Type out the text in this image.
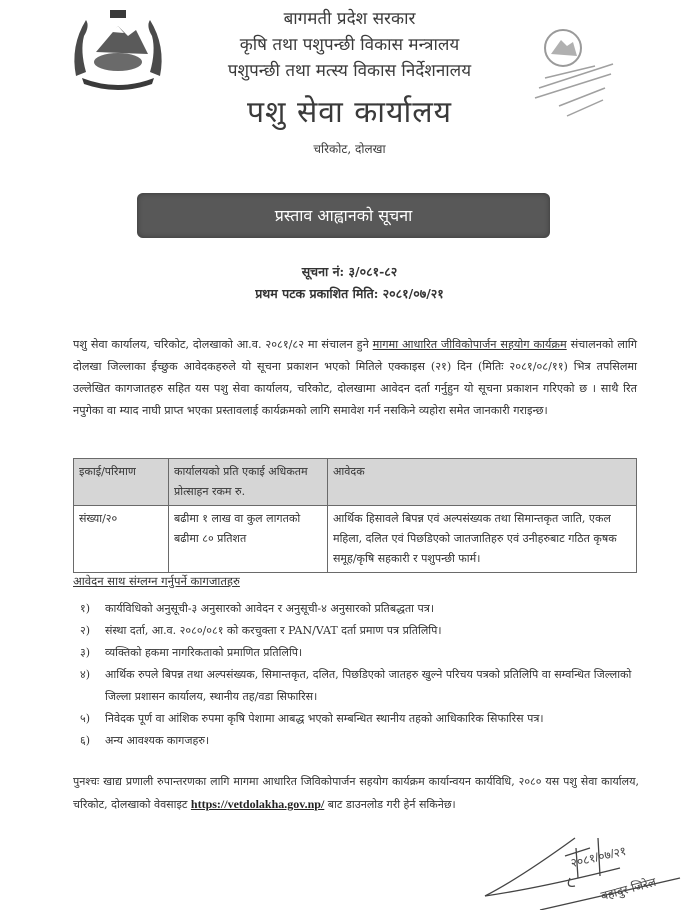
बागमती प्रदेश सरकार
कृषि तथा पशुपन्छी विकास मन्त्रालय
पशुपन्छी तथा मत्स्य विकास निर्देशनालय
पशु सेवा कार्यालय
चरिकोट, दोलखा
प्रस्ताव आह्वानको सूचना
सूचना नं: ३/०८१-८२
प्रथम पटक प्रकाशित मिति: २०८१/०७/२१
पशु सेवा कार्यालय, चरिकोट, दोलखाको आ.व. २०८१/८२ मा संचालन हुने मागमा आधारित जीविकोपार्जन सहयोग कार्यक्रम संचालनको लागि दोलखा जिल्लाका ईच्छुक आवेदकहरुले यो सूचना प्रकाशन भएको मितिले एक्काइस (२१) दिन (मितिः २०८१/०८/११) भित्र तपसिलमा उल्लेखित कागजातहरु सहित यस पशु सेवा कार्यालय, चरिकोट, दोलखामा आवेदन दर्ता गर्नुहुन यो सूचना प्रकाशन गरिएको छ । साथै रित नपुगेका वा म्याद नाघी प्राप्त भएका प्रस्तावलाई कार्यक्रमको लागि समावेश गर्न नसकिने व्यहोरा समेत जानकारी गराइन्छ।
इकाई/परिमाण	कार्यालयको प्रति एकाई अधिकतम प्रोत्साहन रकम रु.	आवेदक
संख्या/२०	बढीमा १ लाख वा कुल लागतको बढीमा ८० प्रतिशत	आर्थिक हिसावले बिपन्न एवं अल्पसंख्यक तथा सिमान्तकृत जाति, एकल महिला, दलित एवं पिछडिएको जातजातिहरु एवं उनीहरुबाट गठित कृषक समूह/कृषि सहकारी र पशुपन्छी फार्म।
आवेदन साथ संग्लग्न गर्नुपर्ने कागजातहरु
१)	कार्यविधिको अनुसूची-३ अनुसारको आवेदन र अनुसूची-४ अनुसारको प्रतिबद्धता पत्र।
२)	संस्था दर्ता, आ.व. २०८०/०८१ को करचुक्ता र PAN/VAT दर्ता प्रमाण पत्र प्रतिलिपि।
३)	व्यक्तिको हकमा नागरिकताको प्रमाणित प्रतिलिपि।
४)	आर्थिक रुपले बिपन्न तथा अल्पसंख्यक, सिमान्तकृत, दलित, पिछडिएको जातहरु खुल्ने परिचय पत्रको प्रतिलिपि वा सम्वन्धित जिल्लाको जिल्ला प्रशासन कार्यालय, स्थानीय तह/वडा सिफारिस।
५)	निवेदक पूर्ण वा आंशिक रुपमा कृषि पेशामा आबद्ध भएको सम्बन्धित स्थानीय तहको आधिकारिक सिफारिस पत्र।
६)	अन्य आवश्यक कागजहरु।
पुनश्चः खाद्य प्रणाली रुपान्तरणका लागि मागमा आधारित जिविकोपार्जन सहयोग कार्यक्रम कार्यान्वयन कार्यविधि, २०८० यस पशु सेवा कार्यालय, चरिकोट, दोलखाको वेवसाइट https://vetdolakha.gov.np/ बाट डाउनलोड गरी हेर्न सकिनेछ।
२०८१/०७/२१
बहादुर जिरेल
